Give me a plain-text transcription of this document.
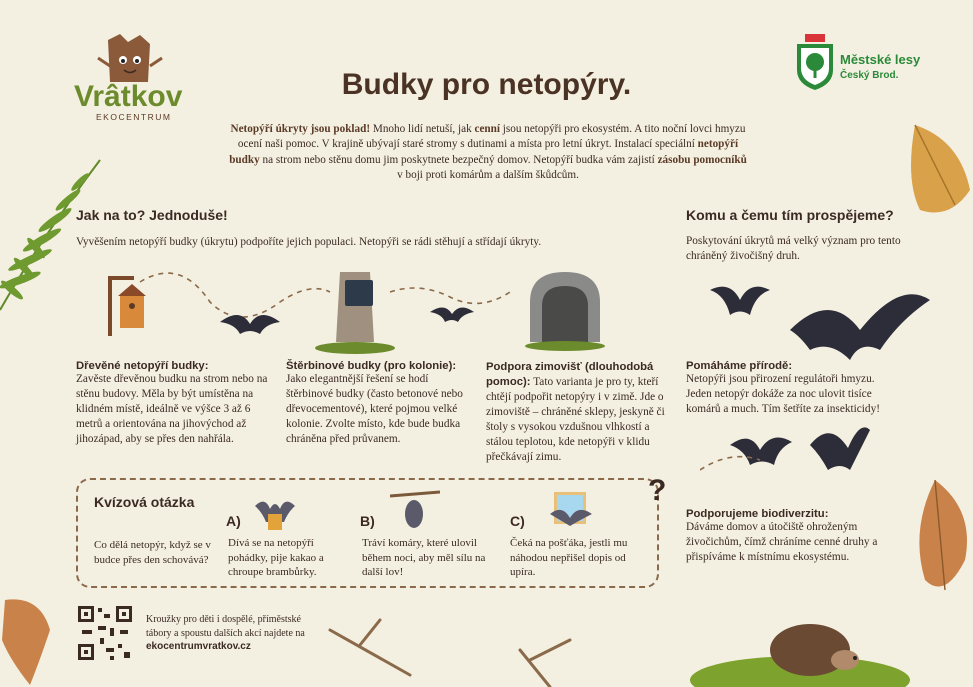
Vrâtkov
EKOCENTRUM
Městské lesy
Český Brod.
Budky pro netopýry.

Netopýří úkryty jsou poklad! Mnoho lidí netuší, jak cenní jsou netopýři pro ekosystém. A tito noční lovci hmyzu ocení naši pomoc. V krajině ubývají staré stromy s dutinami a místa pro letní úkryt. Instalací speciální netopýří budky na strom nebo stěnu domu jim poskytnete bezpečný domov. Netopýří budka vám zajistí zásobu pomocníků v boji proti komárům a dalším škůdcům.

Jak na to? Jednoduše!
Vyvěšením netopýří budky (úkrytu) podpoříte jejich populaci. Netopýři se rádi stěhují a střídají úkryty.
Komu a čemu tím prospějeme?
Poskytování úkrytů má velký význam pro tento chráněný živočišný druh.
Dřevěné netopýří budky:
Zavěste dřevěnou budku na strom nebo na stěnu budovy. Měla by být umístěna na klidném místě, ideálně ve výšce 3 až 6 metrů a orientována na jihovýchod až jihozápad, aby se přes den nahřála.
Štěrbinové budky (pro kolonie):
Jako elegantnější řešení se hodí štěrbinové budky (často betonové nebo dřevocementové), které pojmou velké kolonie. Zvolte místo, kde bude budka chráněna před průvanem.
Podpora zimovišť (dlouhodobá pomoc): Tato varianta je pro ty, kteří chtějí podpořit netopýry i v zimě. Jde o zimoviště – chráněné sklepy, jeskyně či štoly s vysokou vzdušnou vlhkostí a stálou teplotou, kde netopýři v klidu přečkávají zimu.
Pomáháme přírodě:
Netopýři jsou přirození regulátoři hmyzu. Jeden netopýr dokáže za noc ulovit tisíce komárů a much. Tím šetříte za insekticidy!
Podporujeme biodiverzitu:
Dáváme domov a útočiště ohroženým živočichům, čímž chráníme cenné druhy a přispíváme k místnímu ekosystému.
Kvízová otázka
Co dělá netopýr, když se v budce přes den schovává?
A)	B)	C)
Dívá se na netopýří pohádky, pije kakao a chroupe brambůrky.
Tráví komáry, které ulovil během noci, aby měl sílu na další lov!
Čeká na pošťáka, jestli mu náhodou nepřišel dopis od upíra.
?
Kroužky pro děti i dospělé, příměstské tábory a spoustu dalších akcí najdete na ekocentrumvratkov.cz
